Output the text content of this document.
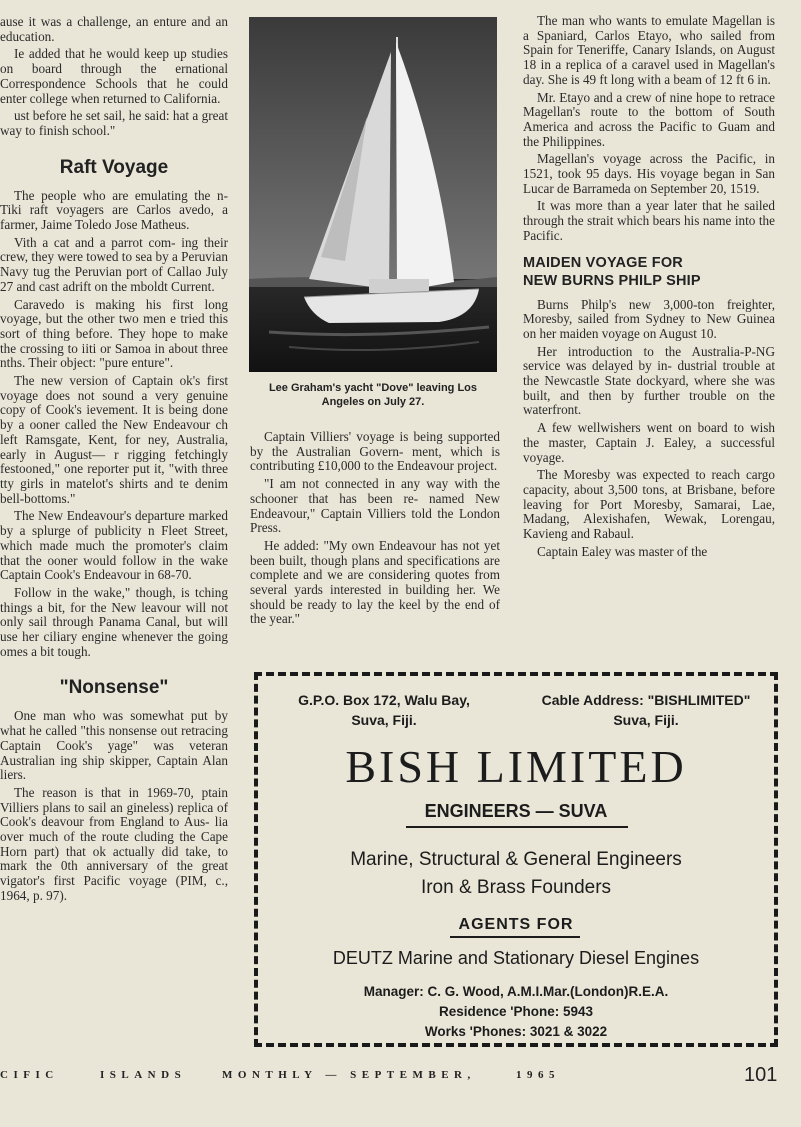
ause it was a challenge, an enture and an education.

Ie added that he would keep up studies on board through the ernational Correspondence Schools that he could enter college when returned to California.

ust before he set sail, he said: hat a great way to finish school."

Raft Voyage

The people who are emulating the n-Tiki raft voyagers are Carlos avedo, a farmer, Jaime Toledo Jose Matheus.

Vith a cat and a parrot com- ing their crew, they were towed to sea by a Peruvian Navy tug the Peruvian port of Callao July 27 and cast adrift on the mboldt Current.

Caravedo is making his first long voyage, but the other two men e tried this sort of thing before. They hope to make the crossing to iiti or Samoa in about three nths. Their object: "pure enture".

The new version of Captain ok's first voyage does not sound a very genuine copy of Cook's ievement. It is being done by a ooner called the New Endeavour ch left Ramsgate, Kent, for ney, Australia, early in August— r rigging fetchingly festooned," one reporter put it, "with three tty girls in matelot's shirts and te denim bell-bottoms."

The New Endeavour's departure marked by a splurge of publicity n Fleet Street, which made much the promoter's claim that the ooner would follow in the wake Captain Cook's Endeavour in 68-70.

Follow in the wake," though, is tching things a bit, for the New leavour will not only sail through Panama Canal, but will use her ciliary engine whenever the going omes a bit tough.

"Nonsense"

One man who was somewhat put by what he called "this nonsense out retracing Captain Cook's yage" was veteran Australian ing ship skipper, Captain Alan liers.

The reason is that in 1969-70, ptain Villiers plans to sail an gineless) replica of Cook's deavour from England to Aus- lia over much of the route cluding the Cape Horn part) that ok actually did take, to mark the 0th anniversary of the great vigator's first Pacific voyage (PIM, c., 1964, p. 97).

Lee Graham's yacht "Dove" leaving Los Angeles on July 27.

Captain Villiers' voyage is being supported by the Australian Govern- ment, which is contributing £10,000 to the Endeavour project.

"I am not connected in any way with the schooner that has been re- named New Endeavour," Captain Villiers told the London Press.

He added: "My own Endeavour has not yet been built, though plans and specifications are complete and we are considering quotes from several yards interested in building her. We should be ready to lay the keel by the end of the year."

The man who wants to emulate Magellan is a Spaniard, Carlos Etayo, who sailed from Spain for Teneriffe, Canary Islands, on August 18 in a replica of a caravel used in Magellan's day. She is 49 ft long with a beam of 12 ft 6 in.

Mr. Etayo and a crew of nine hope to retrace Magellan's route to the bottom of South America and across the Pacific to Guam and the Philippines.

Magellan's voyage across the Pacific, in 1521, took 95 days. His voyage began in San Lucar de Barrameda on September 20, 1519.

It was more than a year later that he sailed through the strait which bears his name into the Pacific.

MAIDEN VOYAGE FOR
NEW BURNS PHILP SHIP

Burns Philp's new 3,000-ton freighter, Moresby, sailed from Sydney to New Guinea on her maiden voyage on August 10.

Her introduction to the Australia-P-NG service was delayed by in- dustrial trouble at the Newcastle State dockyard, where she was built, and then by further trouble on the waterfront.

A few wellwishers went on board to wish the master, Captain J. Ealey, a successful voyage.

The Moresby was expected to reach cargo capacity, about 3,500 tons, at Brisbane, before leaving for Port Moresby, Samarai, Lae, Madang, Alexishafen, Wewak, Lorengau, Kavieng and Rabaul.

Captain Ealey was master of the

G.P.O. Box 172, Walu Bay,
Suva, Fiji.
Cable Address: "BISHLIMITED"
Suva, Fiji.
BISH LIMITED
ENGINEERS — SUVA
Marine, Structural & General Engineers
Iron & Brass Founders
AGENTS FOR
DEUTZ Marine and Stationary Diesel Engines
Manager: C. G. Wood, A.M.I.Mar.(London)R.E.A.
Residence 'Phone: 5943
Works 'Phones: 3021 & 3022
CIFIC	ISLANDS	MONTHLY — SEPTEMBER,	1965	101
